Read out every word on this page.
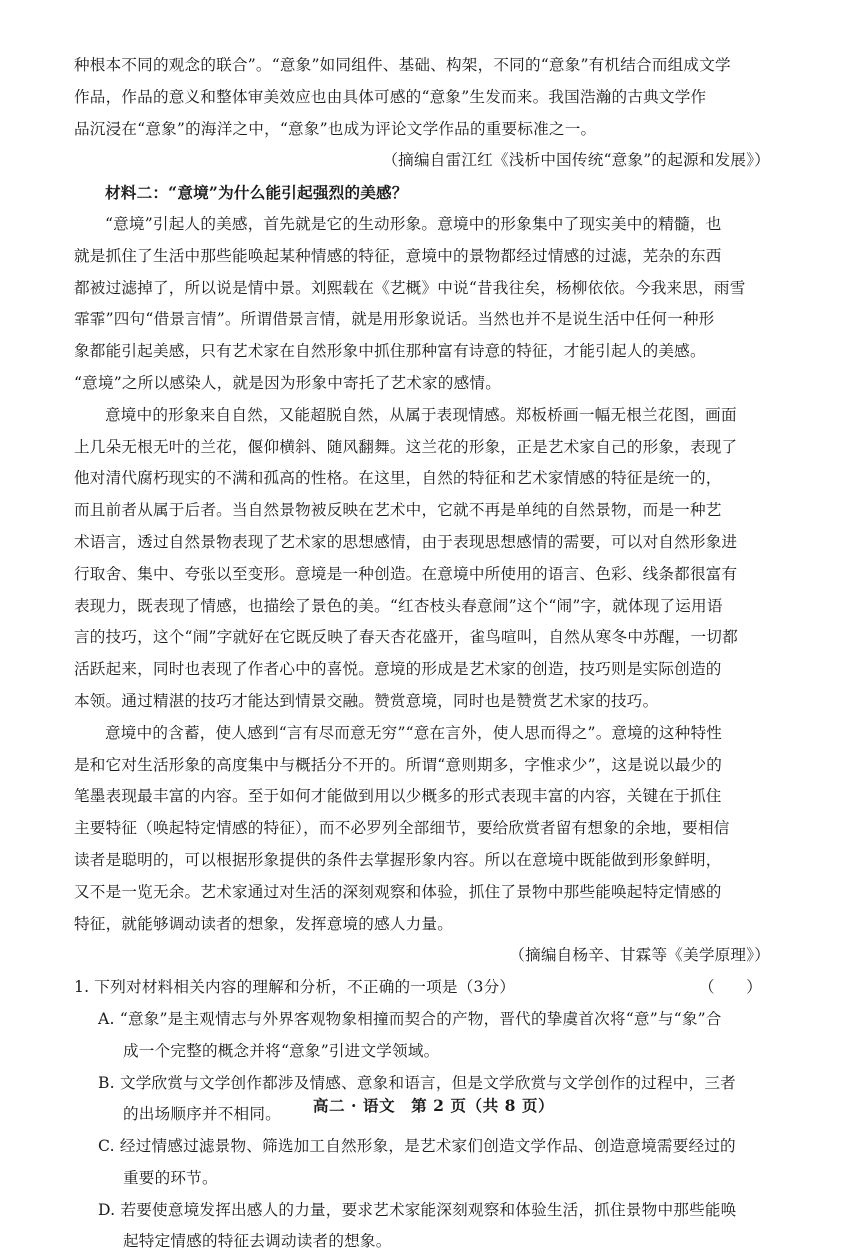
种根本不同的观念的联合”。“意象”如同组件、基础、构架，不同的“意象”有机结合而组成文学
作品，作品的意义和整体审美效应也由具体可感的“意象”生发而来。我国浩瀚的古典文学作
品沉浸在“意象”的海洋之中，“意象”也成为评论文学作品的重要标准之一。
（摘编自雷江红《浅析中国传统“意象”的起源和发展》）
材料二：“意境”为什么能引起强烈的美感？
“意境”引起人的美感，首先就是它的生动形象。意境中的形象集中了现实美中的精髓，也
就是抓住了生活中那些能唤起某种情感的特征，意境中的景物都经过情感的过滤，芜杂的东西
都被过滤掉了，所以说是情中景。刘熙载在《艺概》中说“昔我往矣，杨柳依依。今我来思，雨雪
霏霏”四句“借景言情”。所谓借景言情，就是用形象说话。当然也并不是说生活中任何一种形
象都能引起美感，只有艺术家在自然形象中抓住那种富有诗意的特征，才能引起人的美感。
“意境”之所以感染人，就是因为形象中寄托了艺术家的感情。
意境中的形象来自自然，又能超脱自然，从属于表现情感。郑板桥画一幅无根兰花图，画面
上几朵无根无叶的兰花，偃仰横斜、随风翻舞。这兰花的形象，正是艺术家自己的形象，表现了
他对清代腐朽现实的不满和孤高的性格。在这里，自然的特征和艺术家情感的特征是统一的，
而且前者从属于后者。当自然景物被反映在艺术中，它就不再是单纯的自然景物，而是一种艺
术语言，透过自然景物表现了艺术家的思想感情，由于表现思想感情的需要，可以对自然形象进
行取舍、集中、夸张以至变形。意境是一种创造。在意境中所使用的语言、色彩、线条都很富有
表现力，既表现了情感，也描绘了景色的美。“红杏枝头春意闹”这个“闹”字，就体现了运用语
言的技巧，这个“闹”字就好在它既反映了春天杏花盛开，雀鸟喧叫，自然从寒冬中苏醒，一切都
活跃起来，同时也表现了作者心中的喜悦。意境的形成是艺术家的创造，技巧则是实际创造的
本领。通过精湛的技巧才能达到情景交融。赞赏意境，同时也是赞赏艺术家的技巧。
意境中的含蓄，使人感到“言有尽而意无穷”“意在言外，使人思而得之”。意境的这种特性
是和它对生活形象的高度集中与概括分不开的。所谓“意则期多，字惟求少”，这是说以最少的
笔墨表现最丰富的内容。至于如何才能做到用以少概多的形式表现丰富的内容，关键在于抓住
主要特征（唤起特定情感的特征），而不必罗列全部细节，要给欣赏者留有想象的余地，要相信
读者是聪明的，可以根据形象提供的条件去掌握形象内容。所以在意境中既能做到形象鲜明，
又不是一览无余。艺术家通过对生活的深刻观察和体验，抓住了景物中那些能唤起特定情感的
特征，就能够调动读者的想象，发挥意境的感人力量。
（摘编自杨辛、甘霖等《美学原理》）
1. 下列对材料相关内容的理解和分析，不正确的一项是（3分）	（　　）
A. “意象”是主观情志与外界客观物象相撞而契合的产物，晋代的挚虞首次将“意”与“象”合
成一个完整的概念并将“意象”引进文学领域。
B. 文学欣赏与文学创作都涉及情感、意象和语言，但是文学欣赏与文学创作的过程中，三者
的出场顺序并不相同。
C. 经过情感过滤景物、筛选加工自然形象，是艺术家们创造文学作品、创造意境需要经过的
重要的环节。
D. 若要使意境发挥出感人的力量，要求艺术家能深刻观察和体验生活，抓住景物中那些能唤
起特定情感的特征去调动读者的想象。
高二 · 语文　第 2 页（共 8 页）
